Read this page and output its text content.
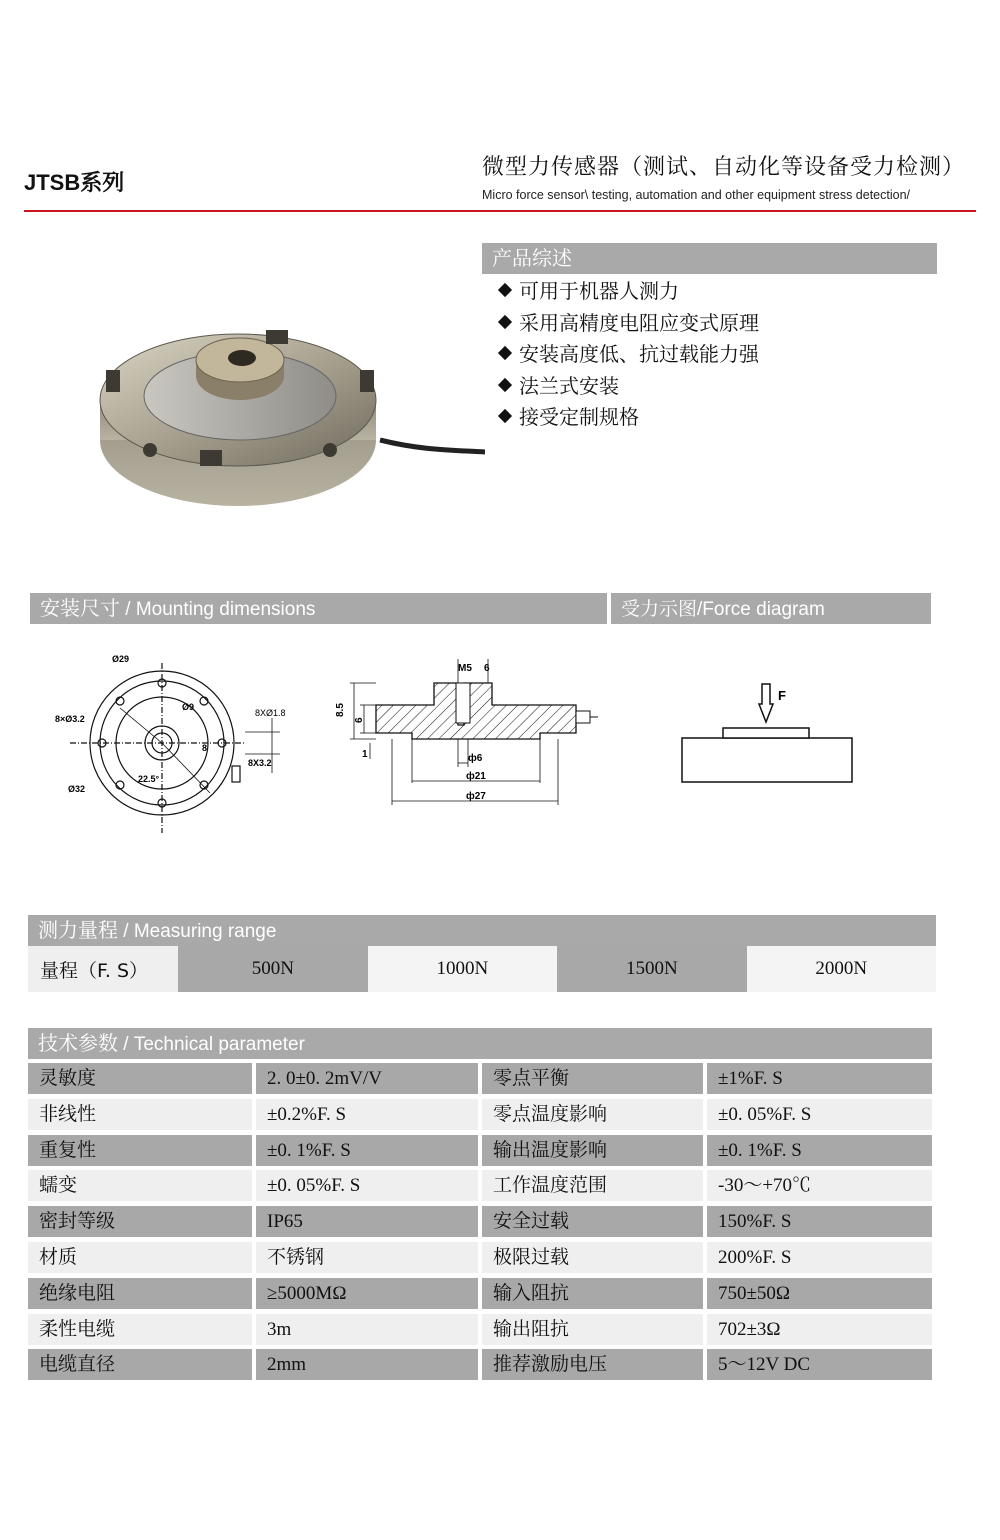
JTSB系列
微型力传感器（测试、自动化等设备受力检测）
Micro force sensor\ testing, automation and other equipment stress detection/
产品综述
可用于机器人测力
采用高精度电阻应变式原理
安装高度低、抗过载能力强
法兰式安装
接受定制规格
安装尺寸 / Mounting dimensions	受力示图/Force diagram
Ø29
Ø9
8×Ø3.2
8XØ1.8
8
8X3.2
22.5°
Ø32
M5 6
8.5
6
1	ф6
ф21
ф27
F
测力量程 / Measuring range
量程（F. S）	500N	1000N	1500N	2000N
技术参数 / Technical parameter
灵敏度	2. 0±0. 2mV/V	零点平衡	±1%F. S
非线性	±0.2%F. S	零点温度影响	±0. 05%F. S
重复性	±0. 1%F. S	输出温度影响	±0. 1%F. S
蠕变	±0. 05%F. S	工作温度范围	-30～+70℃
密封等级	IP65	安全过载	150%F. S
材质	不锈钢	极限过载	200%F. S
绝缘电阻	≥5000MΩ	输入阻抗	750±50Ω
柔性电缆	3m	输出阻抗	702±3Ω
电缆直径	2mm	推荐激励电压	5～12V DC
